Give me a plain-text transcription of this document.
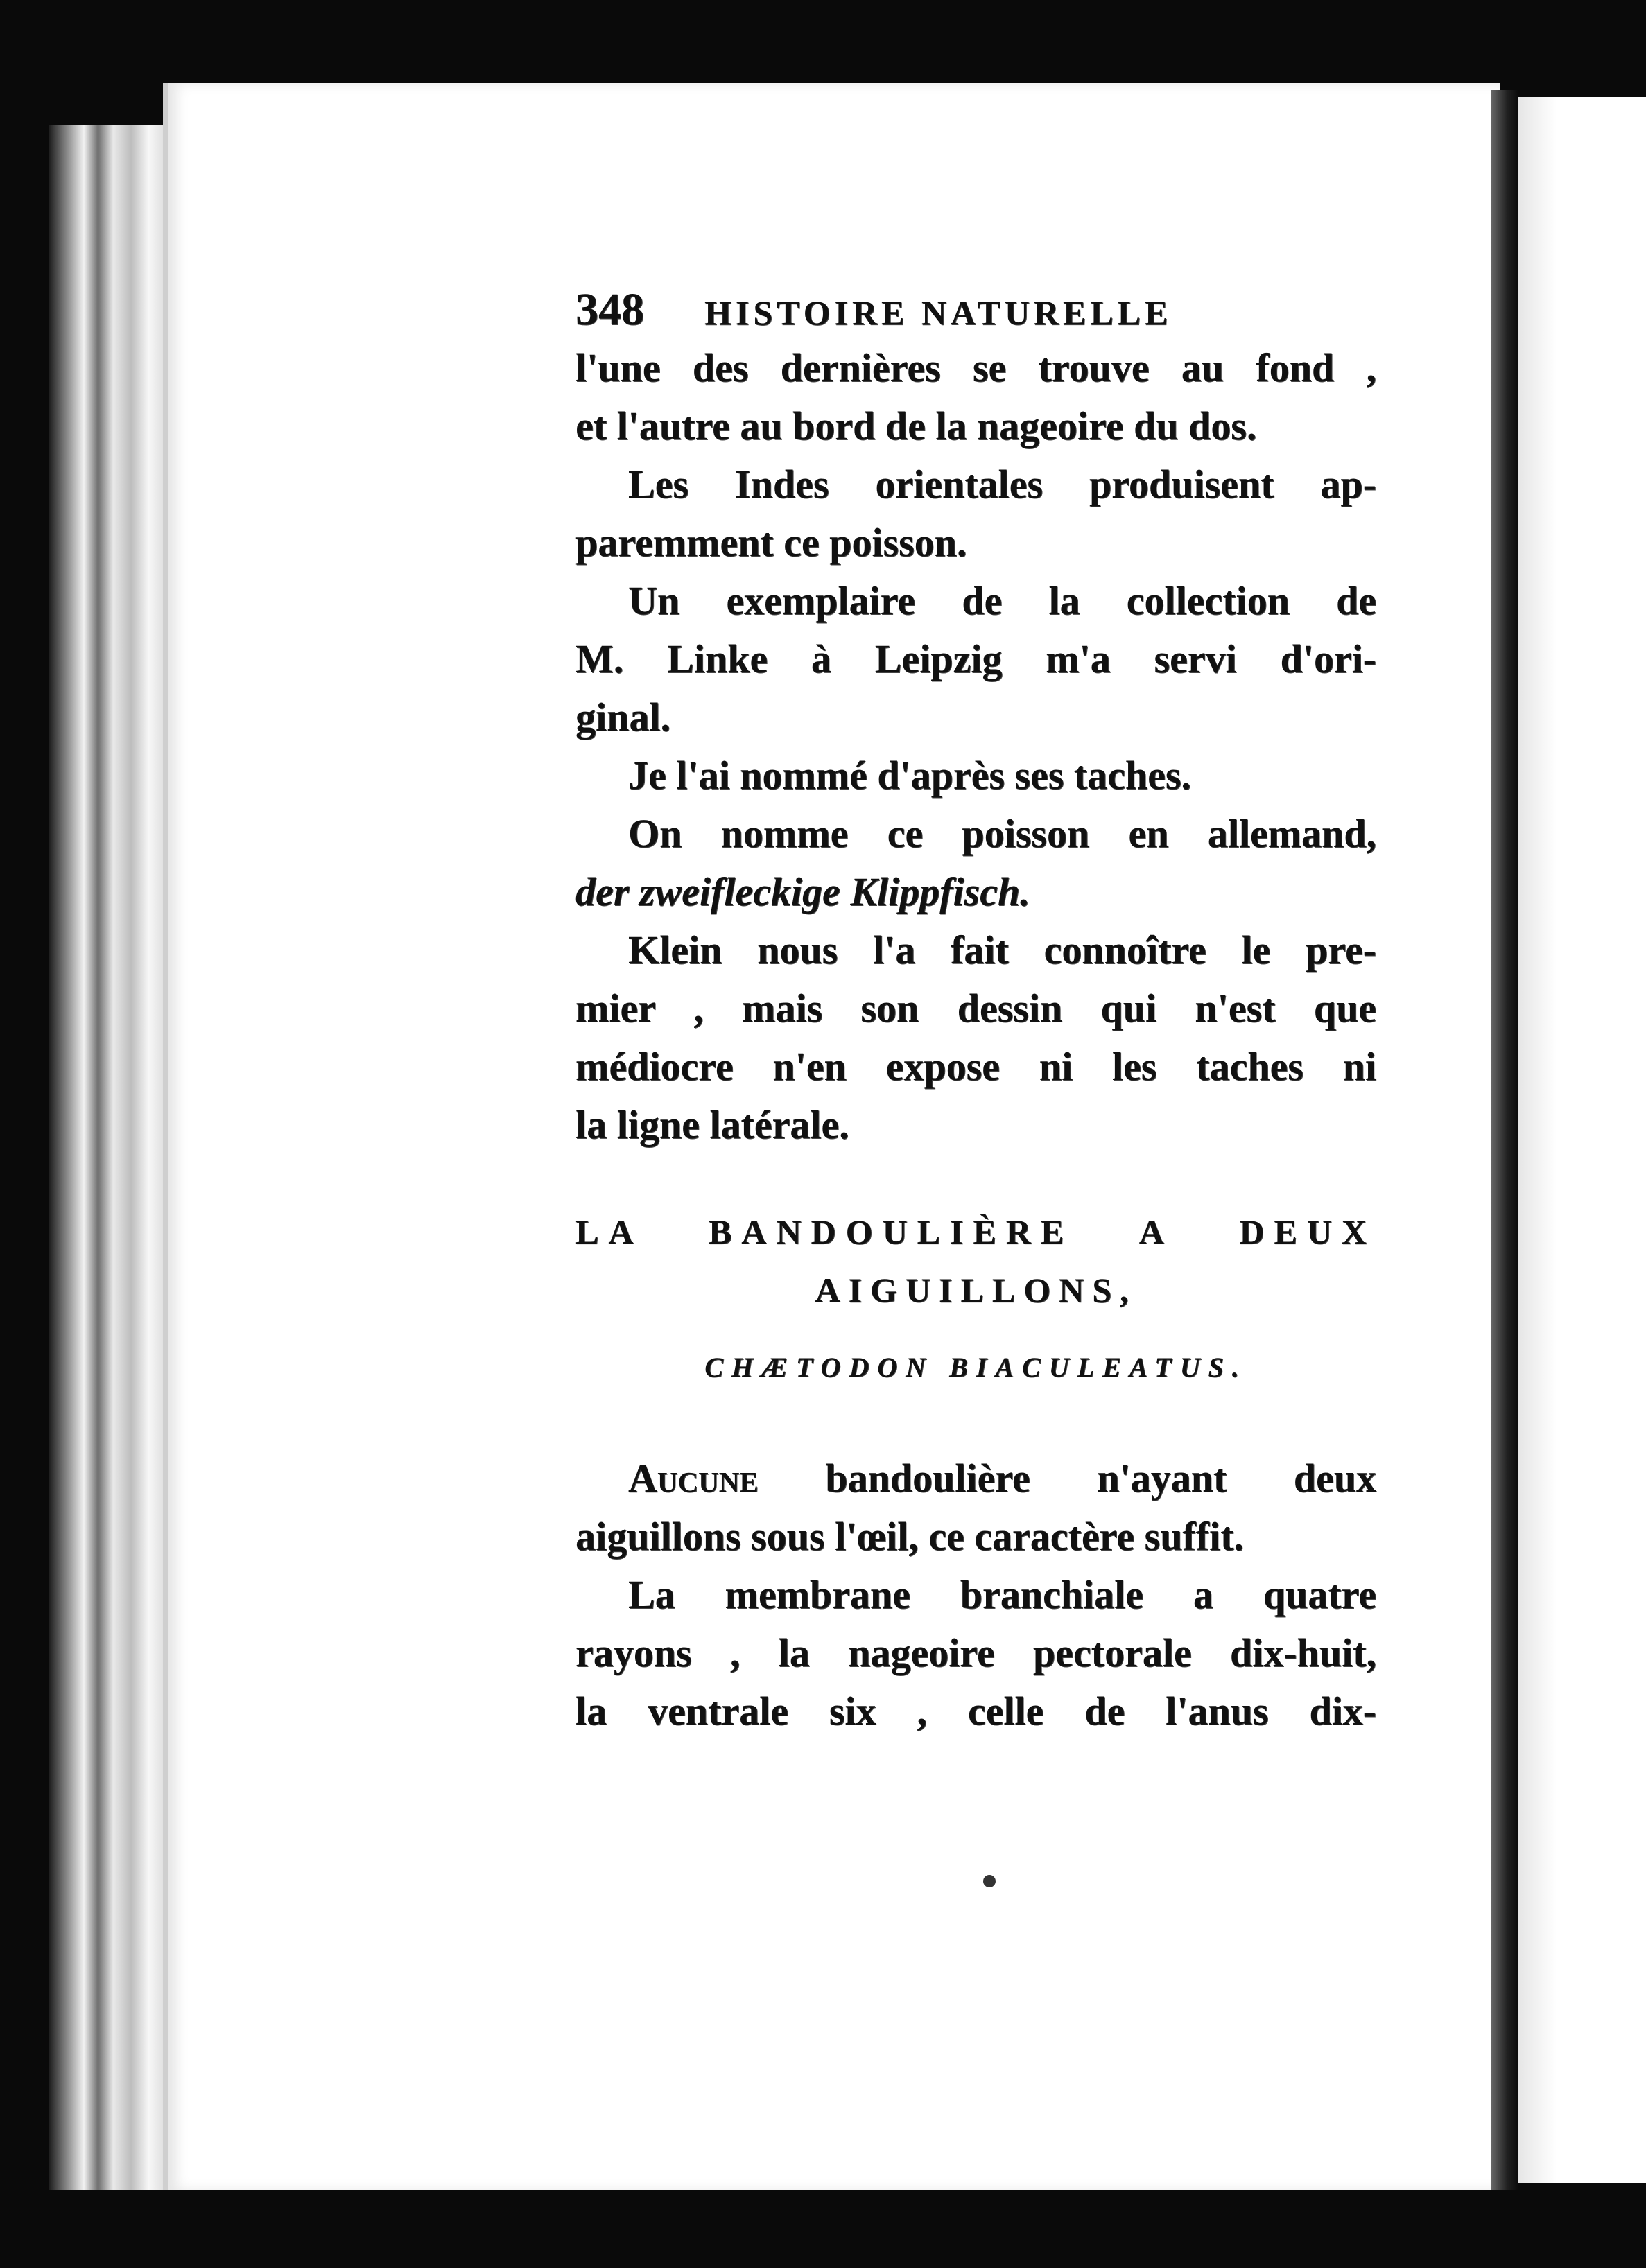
348	HISTOIRE NATURELLE
l'une des dernières se trouve au fond ,
et l'autre au bord de la nageoire du dos.
Les Indes orientales produisent ap-
paremment ce poisson.
Un exemplaire de la collection de
M. Linke à Leipzig m'a servi d'ori-
ginal.
Je l'ai nommé d'après ses taches.
On nomme ce poisson en allemand,
der zweifleckige Klippfisch.
Klein nous l'a fait connoître le pre-
mier , mais son dessin qui n'est que
médiocre n'en expose ni les taches ni
la ligne latérale.
LA BANDOULIÈRE A DEUX
AIGUILLONS,
CHÆTODON BIACULEATUS.
Aucune bandoulière n'ayant deux
aiguillons sous l'œil, ce caractère suffit.
La membrane branchiale a quatre
rayons , la nageoire pectorale dix-huit,
la ventrale six , celle de l'anus dix-
